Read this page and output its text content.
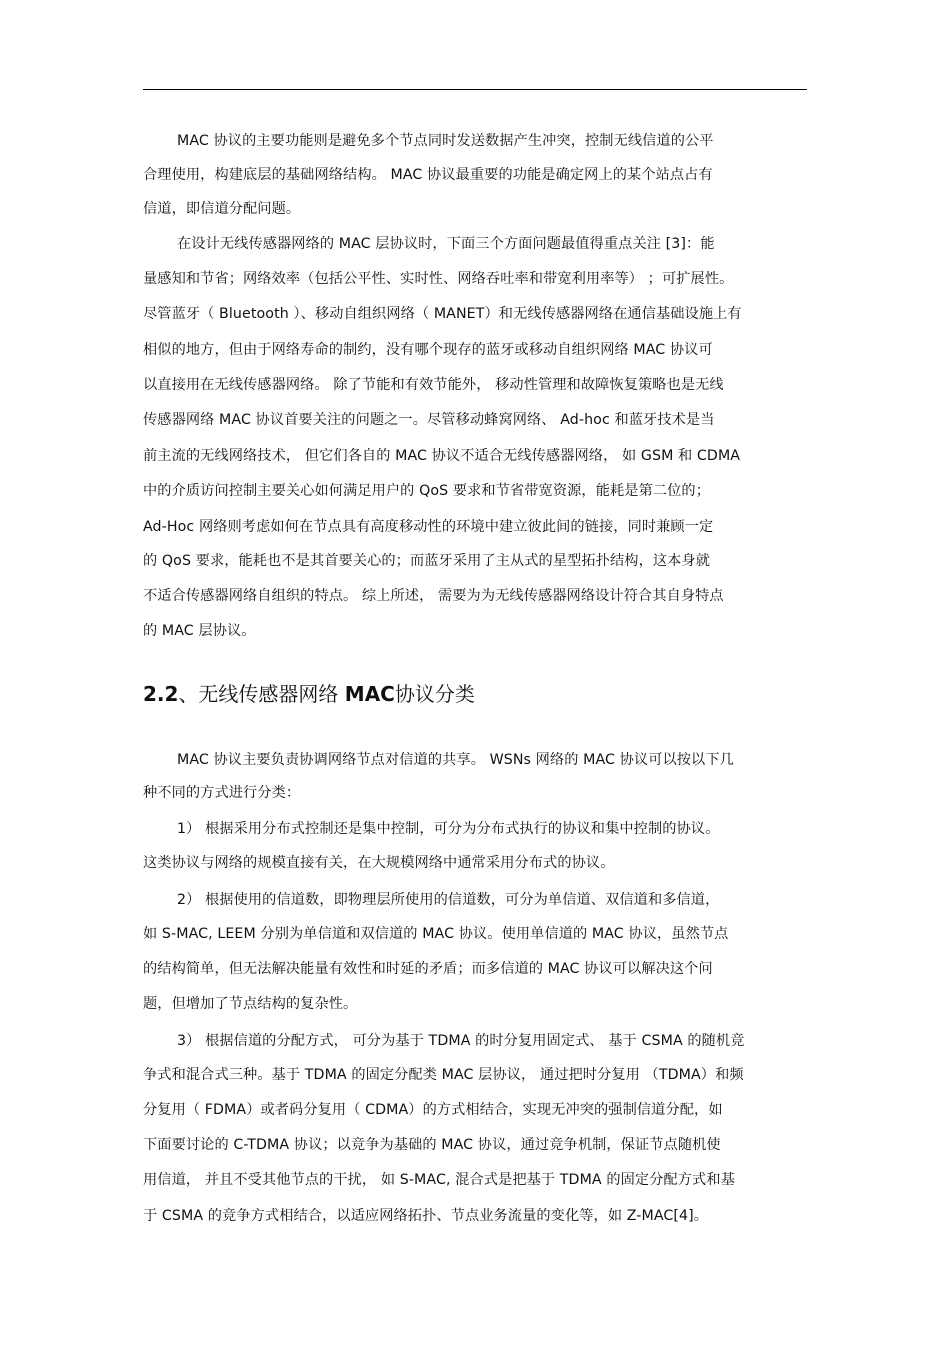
MAC 协议的主要功能则是避免多个节点同时发送数据产生冲突，控制无线信道的公平
合理使用，构建底层的基础网络结构。 MAC 协议最重要的功能是确定网上的某个站点占有
信道，即信道分配问题。
在设计无线传感器网络的 MAC 层协议时，下面三个方面问题最值得重点关注 [3]：能
量感知和节省；网络效率（包括公平性、实时性、网络吞吐率和带宽利用率等） ；可扩展性。
尽管蓝牙（ Bluetooth ）、移动自组织网络（ MANET）和无线传感器网络在通信基础设施上有
相似的地方，但由于网络寿命的制约，没有哪个现存的蓝牙或移动自组织网络 MAC 协议可
以直接用在无线传感器网络。 除了节能和有效节能外， 移动性管理和故障恢复策略也是无线
传感器网络 MAC 协议首要关注的问题之一。尽管移动蜂窝网络、 Ad-hoc 和蓝牙技术是当
前主流的无线网络技术， 但它们各自的 MAC 协议不适合无线传感器网络， 如 GSM 和 CDMA
中的介质访问控制主要关心如何满足用户的 QoS 要求和节省带宽资源，能耗是第二位的；
Ad-Hoc 网络则考虑如何在节点具有高度移动性的环境中建立彼此间的链接，同时兼顾一定
的 QoS 要求，能耗也不是其首要关心的；而蓝牙采用了主从式的星型拓扑结构，这本身就
不适合传感器网络自组织的特点。 综上所述， 需要为为无线传感器网络设计符合其自身特点
的 MAC 层协议。
2.2、无线传感器网络 MAC协议分类
MAC 协议主要负责协调网络节点对信道的共享。 WSNs 网络的 MAC 协议可以按以下几
种不同的方式进行分类：
1） 根据采用分布式控制还是集中控制，可分为分布式执行的协议和集中控制的协议。
这类协议与网络的规模直接有关，在大规模网络中通常采用分布式的协议。
2） 根据使用的信道数，即物理层所使用的信道数，可分为单信道、双信道和多信道，
如 S-MAC, LEEM 分别为单信道和双信道的 MAC 协议。使用单信道的 MAC 协议，虽然节点
的结构简单，但无法解决能量有效性和时延的矛盾；而多信道的 MAC 协议可以解决这个问
题，但增加了节点结构的复杂性。
3） 根据信道的分配方式， 可分为基于 TDMA 的时分复用固定式、 基于 CSMA 的随机竞
争式和混合式三种。基于 TDMA 的固定分配类 MAC 层协议， 通过把时分复用 （TDMA）和频
分复用（ FDMA）或者码分复用（ CDMA）的方式相结合，实现无冲突的强制信道分配，如
下面要讨论的 C-TDMA 协议；以竞争为基础的 MAC 协议，通过竞争机制，保证节点随机使
用信道， 并且不受其他节点的干扰， 如 S-MAC, 混合式是把基于 TDMA 的固定分配方式和基
于 CSMA 的竞争方式相结合，以适应网络拓扑、节点业务流量的变化等，如 Z-MAC[4]。
